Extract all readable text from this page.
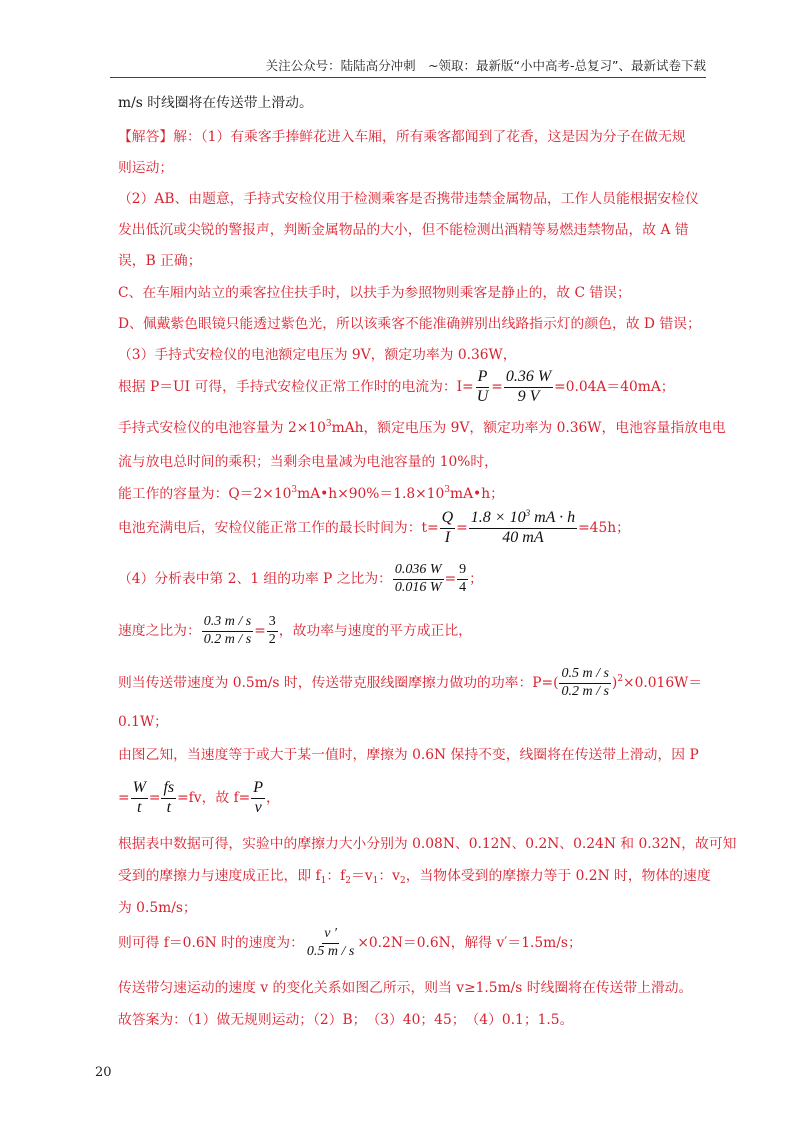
关注公众号：陆陆高分冲刺　~领取：最新版“小中高考-总复习”、最新试卷下载
m/s 时线圈将在传送带上滑动。
【解答】解：（1）有乘客手捧鲜花进入车厢，所有乘客都闻到了花香，这是因为分子在做无规
则运动；
（2）AB、由题意，手持式安检仪用于检测乘客是否携带违禁金属物品，工作人员能根据安检仪
发出低沉或尖锐的警报声，判断金属物品的大小，但不能检测出酒精等易燃违禁物品，故 A 错
误，B 正确；
C、在车厢内站立的乘客拉住扶手时，以扶手为参照物则乘客是静止的，故 C 错误；
D、佩戴紫色眼镜只能透过紫色光，所以该乘客不能准确辨别出线路指示灯的颜色，故 D 错误；
（3）手持式安检仪的电池额定电压为 9V，额定功率为 0.36W，
根据 P＝UI 可得，手持式安检仪正常工作时的电流为：$I= \frac{P}{U} = \frac{0.36 W}{9 V} =0.04A=40mA$；
手持式安检仪的电池容量为 $2\times 10^3mAh$，额定电压为 9V，额定功率为 0.36W，电池容量指放电电
流与放电总时间的乘积；当剩余电量减为电池容量的 10%时，
能工作的容量为：$Q=2\times 10^3mA•h\times 90\%=1.8\times 10^3mA•h$；
电池充满电后，安检仪能正常工作的最长时间为：$t= \frac{Q}{I} = \frac{1.8 \times 10^3 mA \cdot h}{40 mA} =45h$；
（4）分析表中第 2、1 组的功率 P 之比为： $\frac{0.036 W}{0.016 W} = \frac{9}{4}$ ；
速度之比为： $\frac{0.3 m / s}{0.2 m / s} = \frac{3}{2}$ ，故功率与速度的平方成正比，
则当传送带速度为 0.5m/s 时，传送带克服线圈摩擦力做功的功率：$P=( \frac{0.5 m / s}{0.2 m / s} )^2\times 0.016W=$
0.1W；
由图乙知，当速度等于或大于某一值时，摩擦为 0.6N 保持不变，线圈将在传送带上滑动，因 P
= $\frac{W}{t} = \frac{fs}{t} =fv$，故 $f= \frac{P}{v}$ ，
根据表中数据可得，实验中的摩擦力大小分别为 0.08N、0.12N、0.2N、0.24N 和 0.32N，故可知
受到的摩擦力与速度成正比，即 $f_1$：$f_2=v_1$：$v_2$，当物体受到的摩擦力等于 0.2N 时，物体的速度
为 0.5m/s；
则可得 f＝0.6N 时的速度为： $\frac{v '}{0.5 m / s} \times 0.2N=0.6N$，解得 v′＝1.5m/s；
传送带匀速运动的速度 v 的变化关系如图乙所示，则当 v≥1.5m/s 时线圈将在传送带上滑动。
故答案为：（1）做无规则运动；（2）B；　（3）40；45；　（4）0.1；1.5。
20
